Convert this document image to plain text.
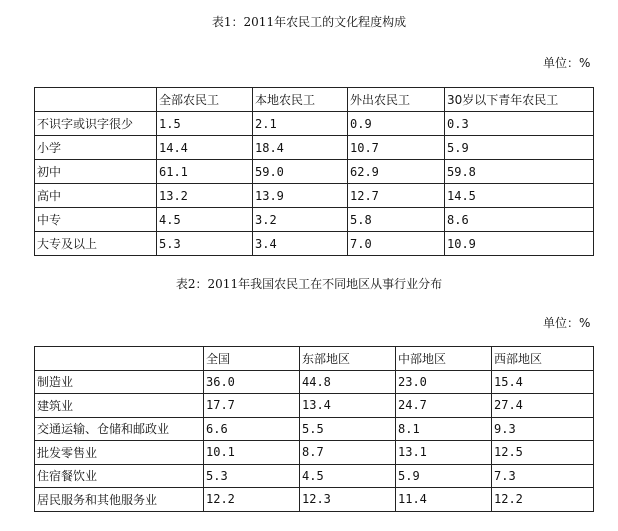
表1：2011年农民工的文化程度构成
单位：%
	全部农民工	本地农民工	外出农民工	30岁以下青年农民工
不识字或识字很少	1.5	2.1	0.9	0.3
小学	14.4	18.4	10.7	5.9
初中	61.1	59.0	62.9	59.8
高中	13.2	13.9	12.7	14.5
中专	4.5	3.2	5.8	8.6
大专及以上	5.3	3.4	7.0	10.9
表2：2011年我国农民工在不同地区从事行业分布
单位：%
	全国	东部地区	中部地区	西部地区
制造业	36.0	44.8	23.0	15.4
建筑业	17.7	13.4	24.7	27.4
交通运输、仓储和邮政业	6.6	5.5	8.1	9.3
批发零售业	10.1	8.7	13.1	12.5
住宿餐饮业	5.3	4.5	5.9	7.3
居民服务和其他服务业	12.2	12.3	11.4	12.2
